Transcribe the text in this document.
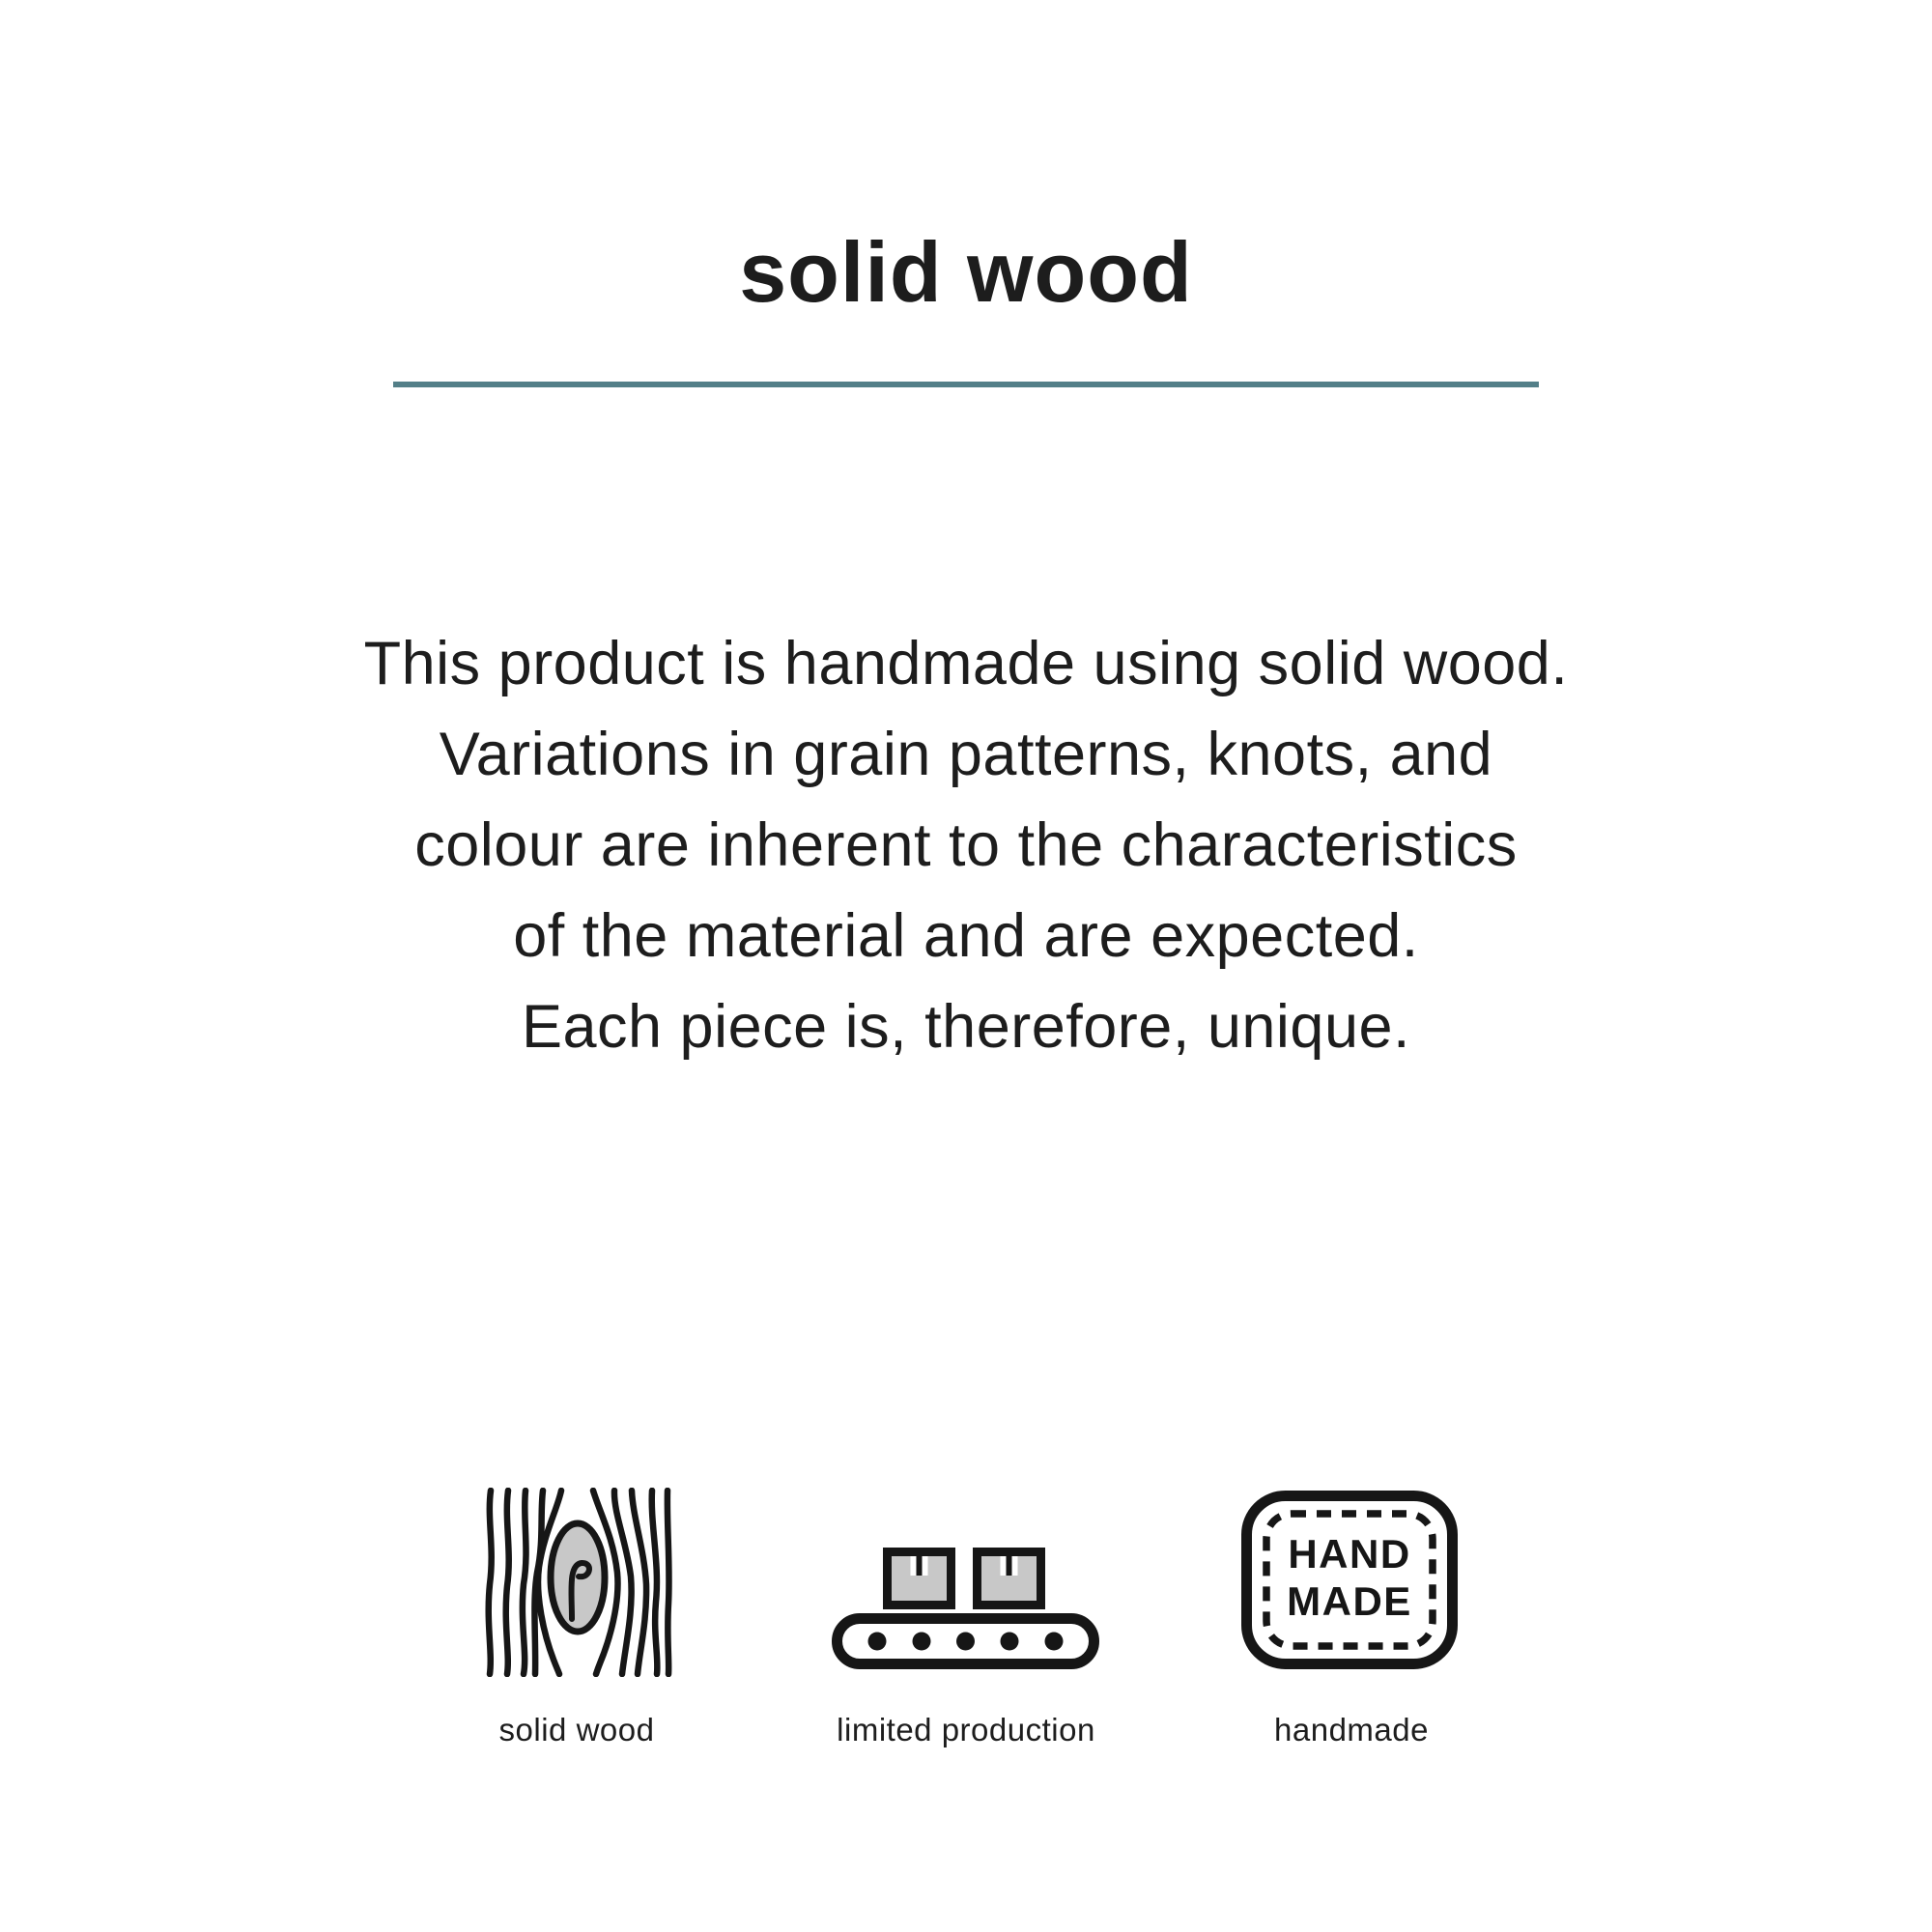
solid wood
This product is handmade using solid wood.
Variations in grain patterns, knots, and
colour are inherent to the characteristics
of the material and are expected.
Each piece is, therefore, unique.
HAND
MADE
solid wood	limited production	handmade
